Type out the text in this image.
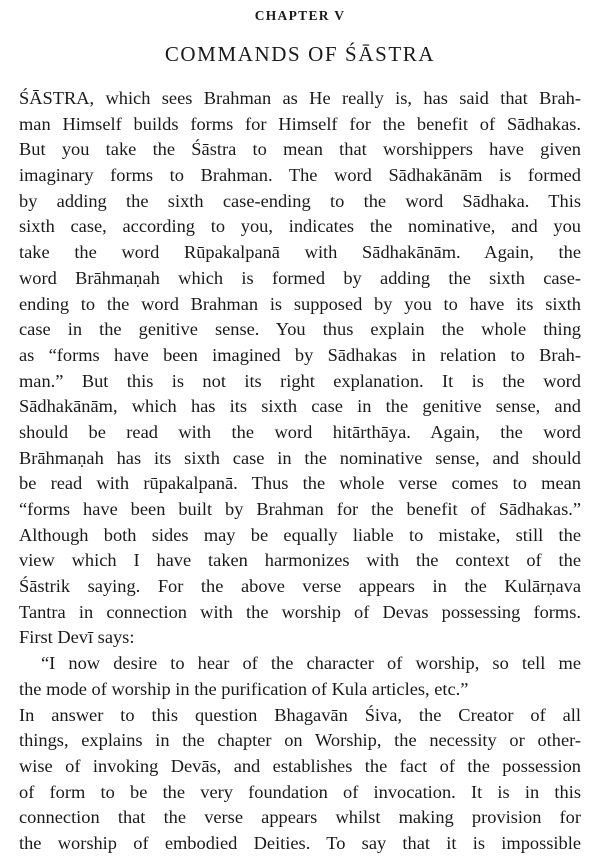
CHAPTER V
COMMANDS OF ŚĀSTRA
ŚĀSTRA, which sees Brahman as He really is, has said that Brah-
man Himself builds forms for Himself for the benefit of Sādhakas.
But you take the Śāstra to mean that worshippers have given
imaginary forms to Brahman. The word Sādhakānām is formed
by adding the sixth case-ending to the word Sādhaka. This
sixth case, according to you, indicates the nominative, and you
take the word Rūpakalpanā with Sādhakānām. Again, the
word Brāhmaṇah which is formed by adding the sixth case-
ending to the word Brahman is supposed by you to have its sixth
case in the genitive sense. You thus explain the whole thing
as “forms have been imagined by Sādhakas in relation to Brah-
man.” But this is not its right explanation. It is the word
Sādhakānām, which has its sixth case in the genitive sense, and
should be read with the word hitārthāya. Again, the word
Brāhmaṇah has its sixth case in the nominative sense, and should
be read with rūpakalpanā. Thus the whole verse comes to mean
“forms have been built by Brahman for the benefit of Sādhakas.”
Although both sides may be equally liable to mistake, still the
view which I have taken harmonizes with the context of the
Śāstrik saying. For the above verse appears in the Kulārṇava
Tantra in connection with the worship of Devas possessing forms.
First Devī says:
“I now desire to hear of the character of worship, so tell me
the mode of worship in the purification of Kula articles, etc.”
In answer to this question Bhagavān Śiva, the Creator of all
things, explains in the chapter on Worship, the necessity or other-
wise of invoking Devās, and establishes the fact of the possession
of form to be the very foundation of invocation. It is in this
connection that the verse appears whilst making provision for
the worship of embodied Deities. To say that it is impossible
